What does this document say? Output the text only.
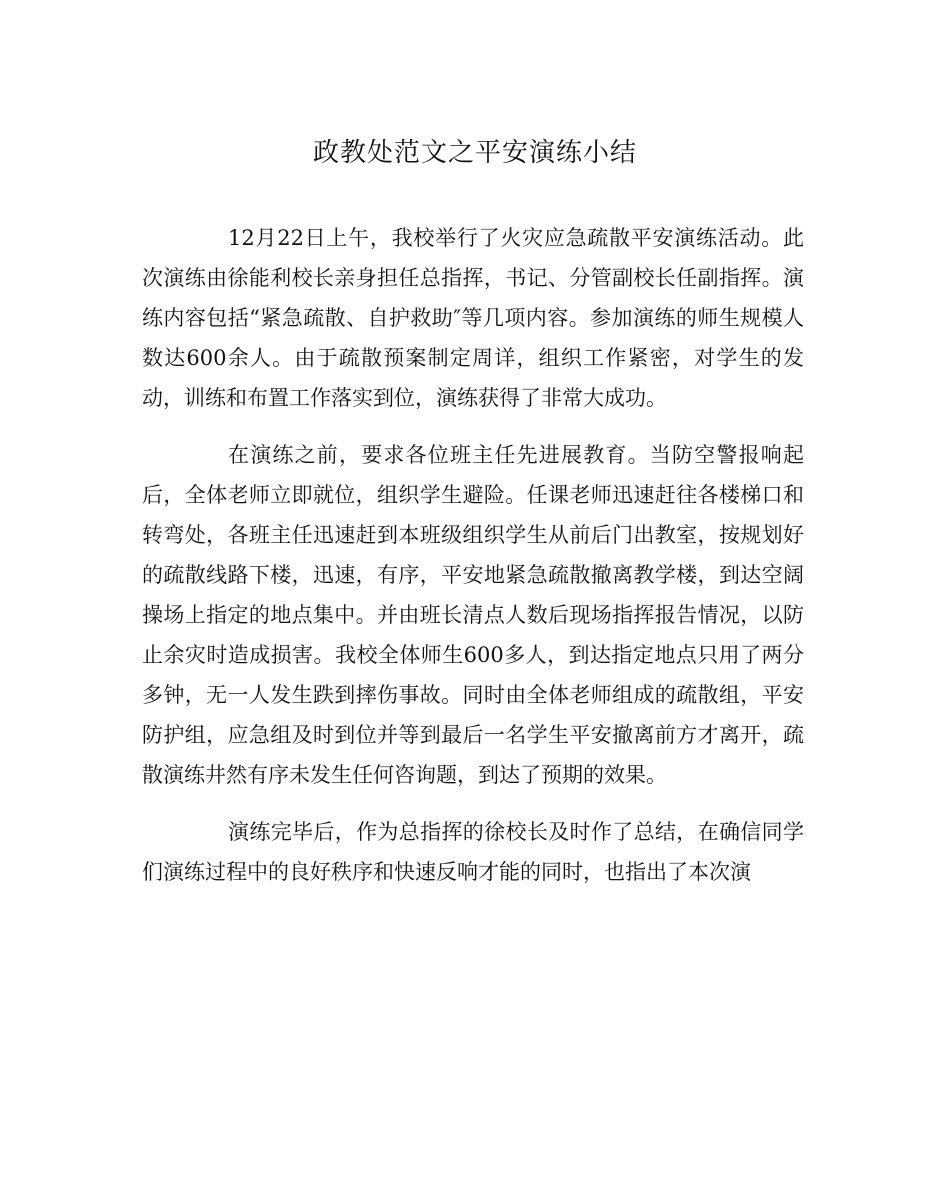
政教处范文之平安演练小结

12月22日上午，我校举行了火灾应急疏散平安演练活动。此次演练由徐能利校长亲身担任总指挥，书记、分管副校长任副指挥。演练内容包括“紧急疏散、自护救助″等几项内容。参加演练的师生规模人数达600余人。由于疏散预案制定周详，组织工作紧密，对学生的发动，训练和布置工作落实到位，演练获得了非常大成功。

在演练之前，要求各位班主任先进展教育。当防空警报响起后，全体老师立即就位，组织学生避险。任课老师迅速赶往各楼梯口和转弯处，各班主任迅速赶到本班级组织学生从前后门出教室，按规划好的疏散线路下楼，迅速，有序，平安地紧急疏散撤离教学楼，到达空阔操场上指定的地点集中。并由班长清点人数后现场指挥报告情况，以防止余灾时造成损害。我校全体师生600多人，到达指定地点只用了两分多钟，无一人发生跌到摔伤事故。同时由全体老师组成的疏散组，平安防护组，应急组及时到位并等到最后一名学生平安撤离前方才离开，疏散演练井然有序未发生任何咨询题，到达了预期的效果。

演练完毕后，作为总指挥的徐校长及时作了总结，在确信同学们演练过程中的良好秩序和快速反响才能的同时，也指出了本次演
